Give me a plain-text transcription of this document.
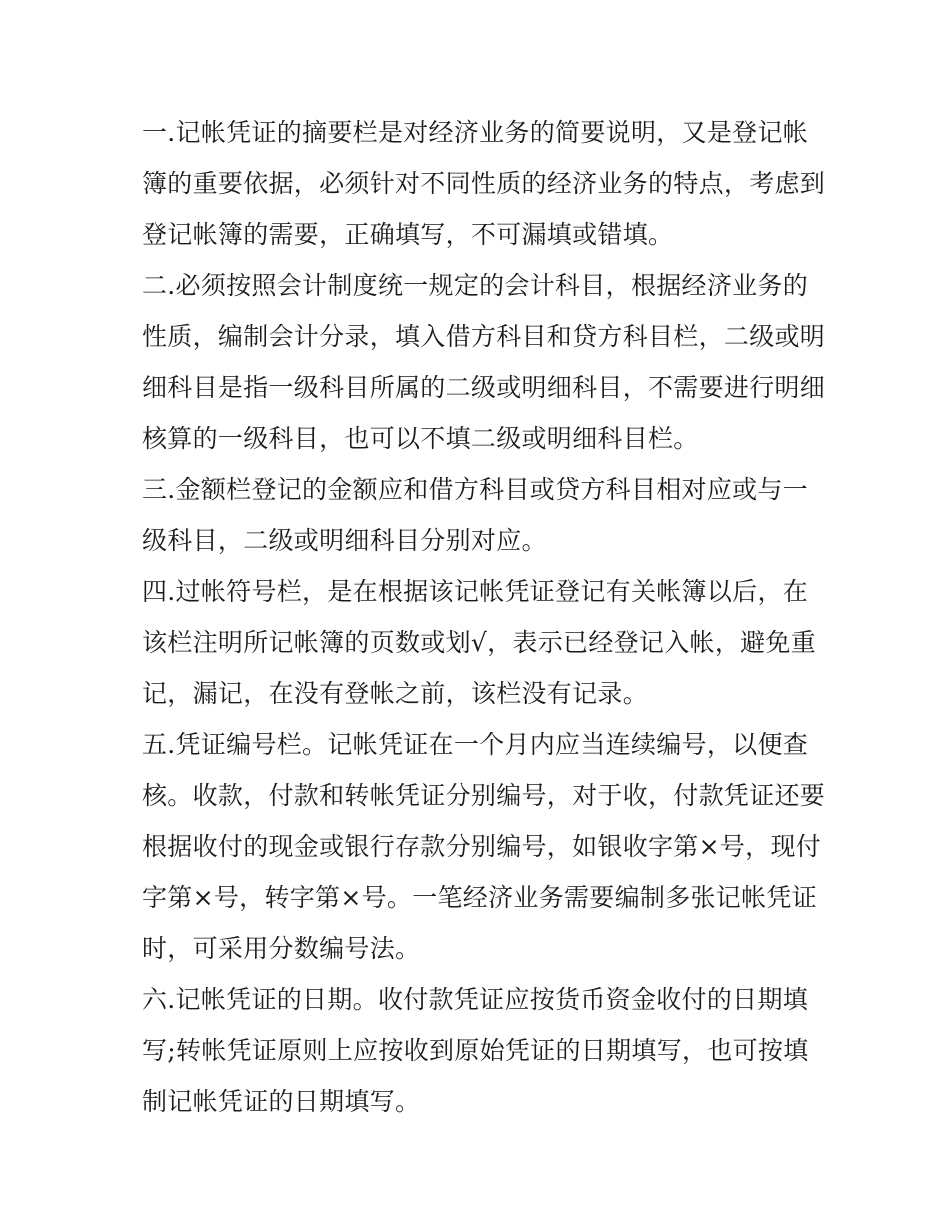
一.记帐凭证的摘要栏是对经济业务的简要说明，又是登记帐
簿的重要依据，必须针对不同性质的经济业务的特点，考虑到
登记帐簿的需要，正确填写，不可漏填或错填。

二.必须按照会计制度统一规定的会计科目，根据经济业务的
性质，编制会计分录，填入借方科目和贷方科目栏，二级或明
细科目是指一级科目所属的二级或明细科目，不需要进行明细
核算的一级科目，也可以不填二级或明细科目栏。

三.金额栏登记的金额应和借方科目或贷方科目相对应或与一
级科目，二级或明细科目分别对应。

四.过帐符号栏，是在根据该记帐凭证登记有关帐簿以后，在
该栏注明所记帐簿的页数或划√，表示已经登记入帐，避免重
记，漏记，在没有登帐之前，该栏没有记录。

五.凭证编号栏。记帐凭证在一个月内应当连续编号，以便查
核。收款，付款和转帐凭证分别编号，对于收，付款凭证还要
根据收付的现金或银行存款分别编号，如银收字第×号，现付
字第×号，转字第×号。一笔经济业务需要编制多张记帐凭证
时，可采用分数编号法。

六.记帐凭证的日期。收付款凭证应按货币资金收付的日期填
写;转帐凭证原则上应按收到原始凭证的日期填写，也可按填
制记帐凭证的日期填写。
